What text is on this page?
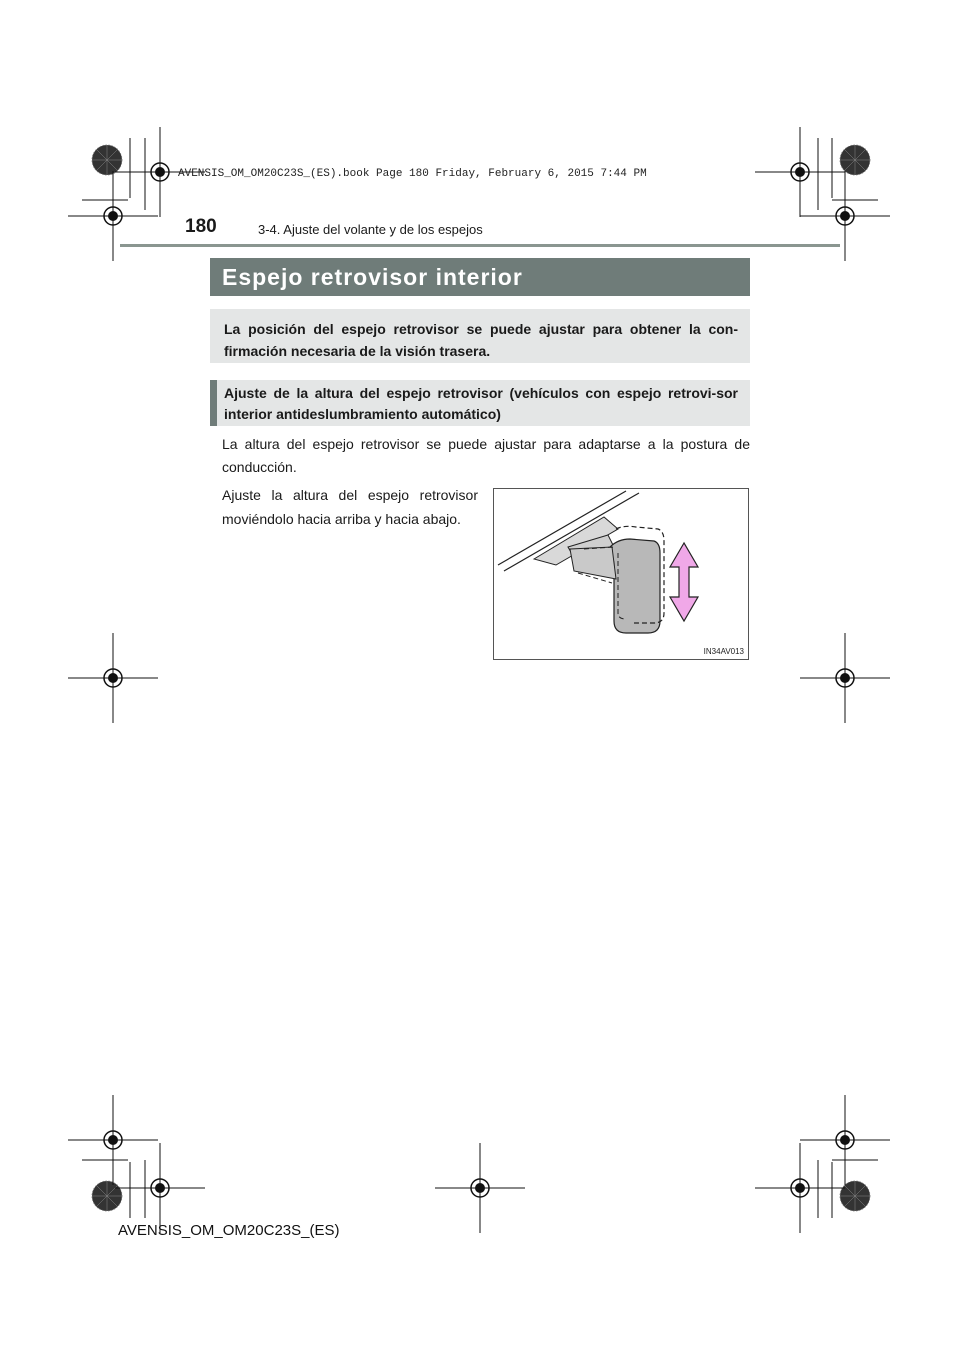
AVENSIS_OM_OM20C23S_(ES).book Page 180 Friday, February 6, 2015 7:44 PM
180	3-4. Ajuste del volante y de los espejos
Espejo retrovisor interior
La posición del espejo retrovisor se puede ajustar para obtener la con-firmación necesaria de la visión trasera.
Ajuste de la altura del espejo retrovisor (vehículos con espejo retrovi-sor interior antideslumbramiento automático)
La altura del espejo retrovisor se puede ajustar para adaptarse a la postura de conducción.
Ajuste la altura del espejo retrovisor moviéndolo hacia arriba y hacia abajo.
IN34AV013
AVENSIS_OM_OM20C23S_(ES)
